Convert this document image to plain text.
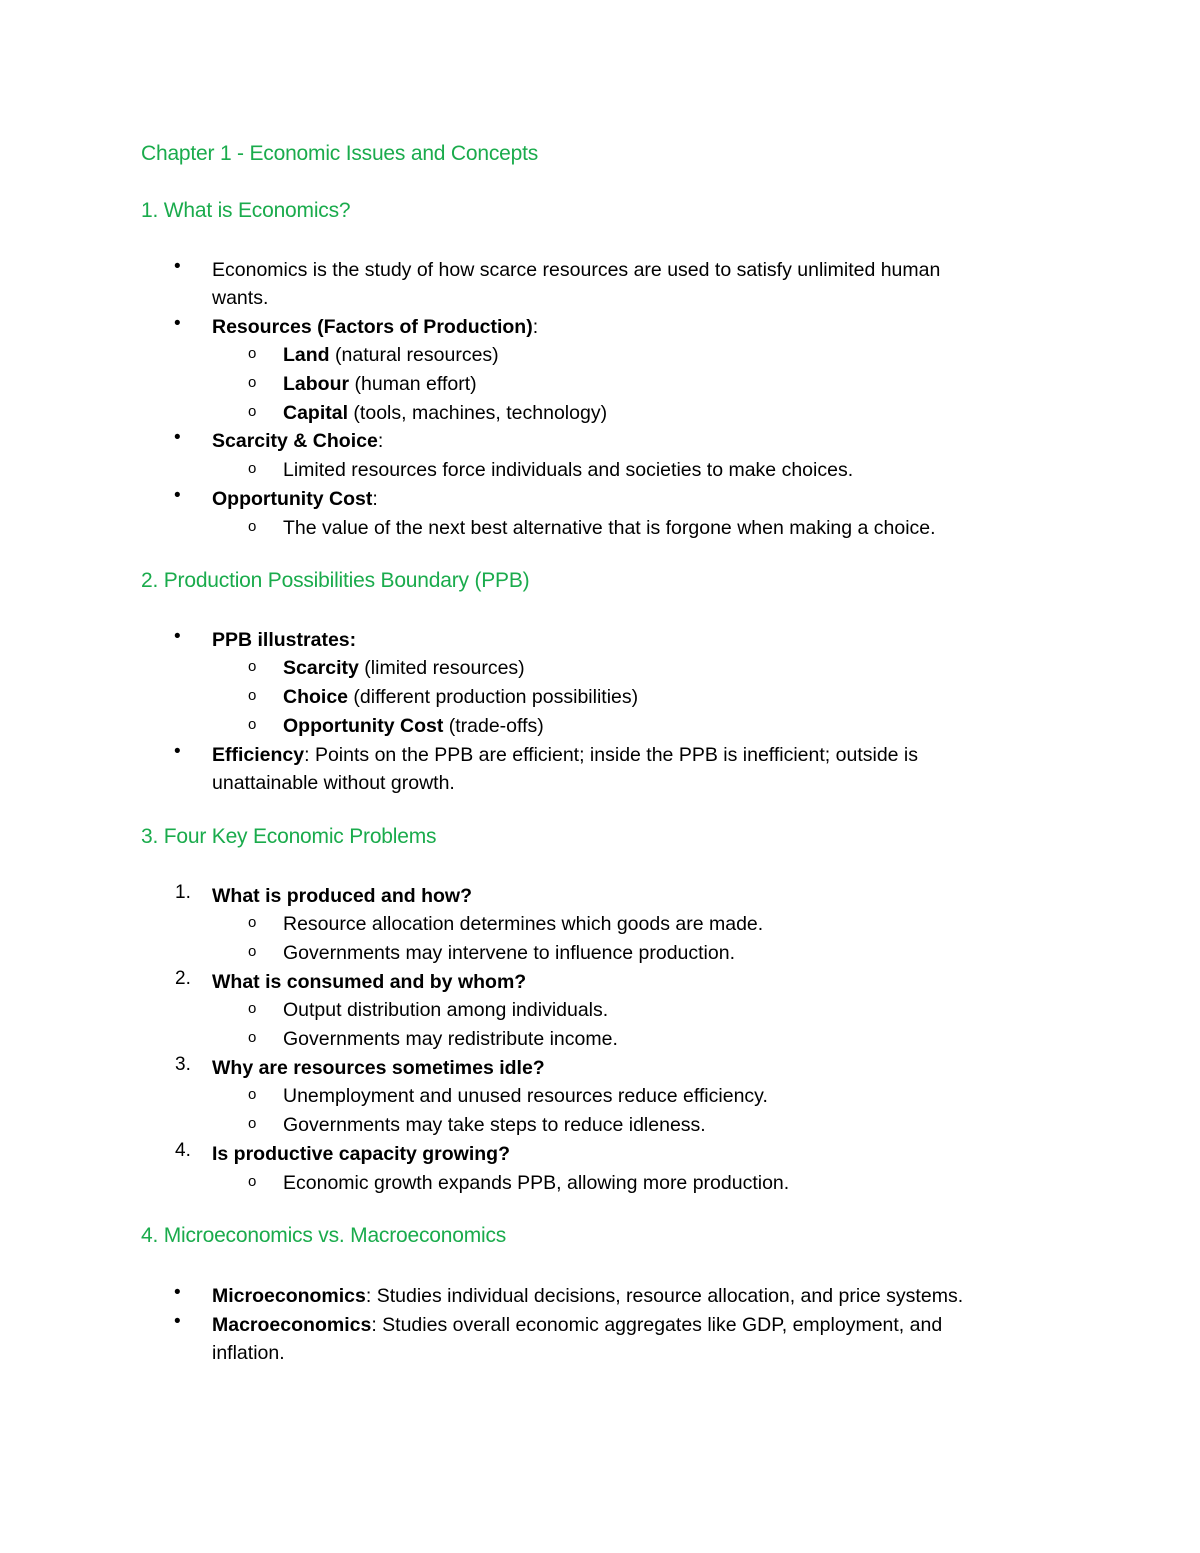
Chapter 1 - Economic Issues and Concepts
1. What is Economics?
• Economics is the study of how scarce resources are used to satisfy unlimited human
wants.
• Resources (Factors of Production):
o Land (natural resources)
o Labour (human effort)
o Capital (tools, machines, technology)
• Scarcity & Choice:
o Limited resources force individuals and societies to make choices.
• Opportunity Cost:
o The value of the next best alternative that is forgone when making a choice.
2. Production Possibilities Boundary (PPB)
• PPB illustrates:
o Scarcity (limited resources)
o Choice (different production possibilities)
o Opportunity Cost (trade-offs)
• Efficiency: Points on the PPB are efficient; inside the PPB is inefficient; outside is
unattainable without growth.
3. Four Key Economic Problems
1. What is produced and how?
o Resource allocation determines which goods are made.
o Governments may intervene to influence production.
2. What is consumed and by whom?
o Output distribution among individuals.
o Governments may redistribute income.
3. Why are resources sometimes idle?
o Unemployment and unused resources reduce efficiency.
o Governments may take steps to reduce idleness.
4. Is productive capacity growing?
o Economic growth expands PPB, allowing more production.
4. Microeconomics vs. Macroeconomics
• Microeconomics: Studies individual decisions, resource allocation, and price systems.
• Macroeconomics: Studies overall economic aggregates like GDP, employment, and
inflation.
